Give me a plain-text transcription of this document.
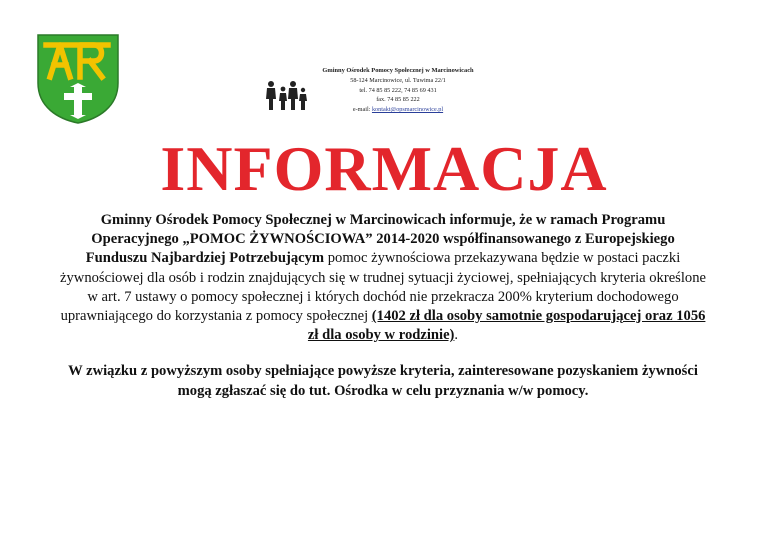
Gminny Ośrodek Pomocy Społecznej w Marcinowicach
58-124 Marcinowice, ul. Tuwima 22/1
tel. 74 85 85 222, 74 85 69 431
fax. 74 85 85 222
e-mail: kontakt@opsmarcinowice.pl
INFORMACJA

Gminny Ośrodek Pomocy Społecznej w Marcinowicach informuje, że w ramach Programu Operacyjnego „POMOC ŻYWNOŚCIOWA” 2014-2020 współfinansowanego z Europejskiego Funduszu Najbardziej Potrzebującym pomoc żywnościowa przekazywana będzie w postaci paczki żywnościowej dla osób i rodzin znajdujących się w trudnej sytuacji życiowej, spełniających kryteria określone w art. 7 ustawy o pomocy społecznej i których dochód nie przekracza 200% kryterium dochodowego uprawniającego do korzystania z pomocy społecznej (1402 zł dla osoby samotnie gospodarującej oraz 1056 zł dla osoby w rodzinie).

W związku z powyższym osoby spełniające powyższe kryteria, zainteresowane pozyskaniem żywności mogą zgłaszać się do tut. Ośrodka w celu przyznania w/w pomocy.
